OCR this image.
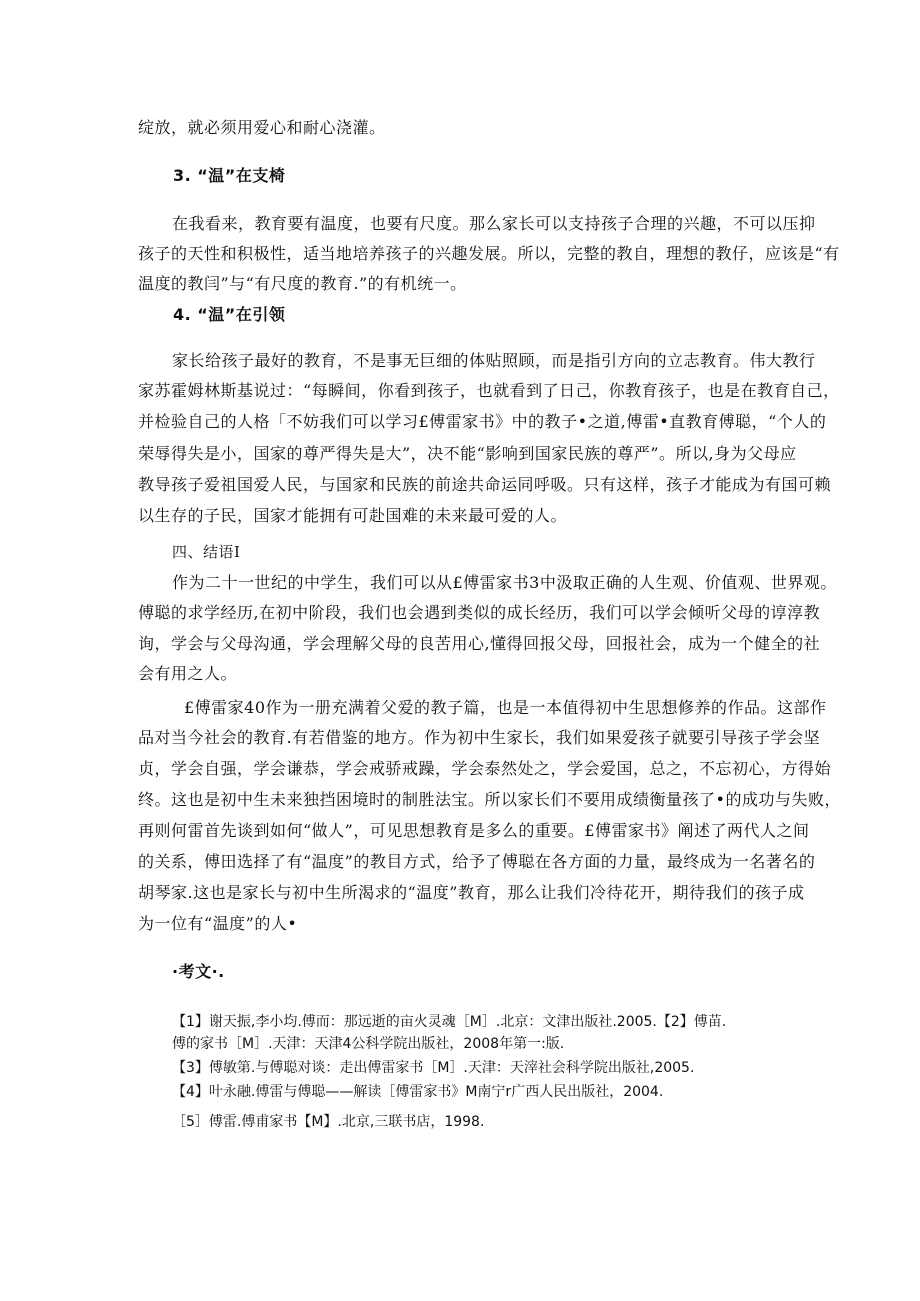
绽放，就必须用爱心和耐心浇灌。
3. “温”在支椅
在我看来，教育要有温度，也要有尺度。那么家长可以支持孩子合理的兴趣，不可以压抑
孩子的天性和积极性，适当地培养孩子的兴趣发展。所以，完整的教自，理想的教仔，应该是“有
温度的教闫”与“有尺度的教育.”的有机统一。
4. “温”在引领
家长给孩子最好的教育，不是事无巨细的体贴照顾，而是指引方向的立志教育。伟大教行
家苏霍姆林斯基说过：“每瞬间，你看到孩子，也就看到了日己，你教育孩子，也是在教育自己，
并检验自己的人格「不妨我们可以学习£傅雷家书》中的教子•之道,傅雷•直教育傅聪，“个人的
荣辱得失是小，国家的尊严得失是大”，决不能“影响到国家民族的尊严”。所以,身为父母应
教导孩子爱祖国爱人民，与国家和民族的前途共命运同呼吸。只有这样，孩子才能成为有国可赖
以生存的子民，国家才能拥有可赴国难的未来最可爱的人。
四、结语I
作为二十一世纪的中学生，我们可以从£傅雷家书3中汲取正确的人生观、价值观、世界观。
傅聪的求学经历,在初中阶段，我们也会遇到类似的成长经历，我们可以学会倾听父母的谆淳教
询，学会与父母沟通，学会理解父母的良苦用心,懂得回报父母，回报社会，成为一个健全的社
会有用之人。
£傅雷家40作为一册充满着父爱的教子篇，也是一本值得初中生思想修养的作品。这部作
品对当今社会的教育.有若借鉴的地方。作为初中生家长，我们如果爱孩子就要引导孩子学会坚
贞，学会自强，学会谦恭，学会戒骄戒躁，学会泰然处之，学会爱国，总之，不忘初心，方得始
终。这也是初中生未来独挡困境时的制胜法宝。所以家长们不要用成绩衡量孩了•的成功与失败，
再则何雷首先谈到如何“做人”，可见思想教育是多么的重要。£傅雷家书》阐述了两代人之间
的关系，傅田选择了有“温度”的教目方式，给予了傅聪在各方面的力量，最终成为一名著名的
胡琴家.这也是家长与初中生所渴求的“温度”教育，那么让我们冷待花开，期待我们的孩子成
为一位有“温度”的人•
·考文·.
【1】谢天振,李小均.傅而：那远逝的亩火灵魂［M］.北京：文津出版社.2005.【2】傅苗.
傅的家书［M］.天津：天津4公科学院出版社，2008年第一:版.
【3】傅敏第.与傅聪对谈：走出傅雷家书［M］.天津：天滓社会科学院出版社,2005.
【4】叶永融.傅雷与傅聪——解读［傅雷家书》M南宁r广西人民出版社，2004.
［5］傅雷.傅甫家书【M】.北京,三联书店，1998.
